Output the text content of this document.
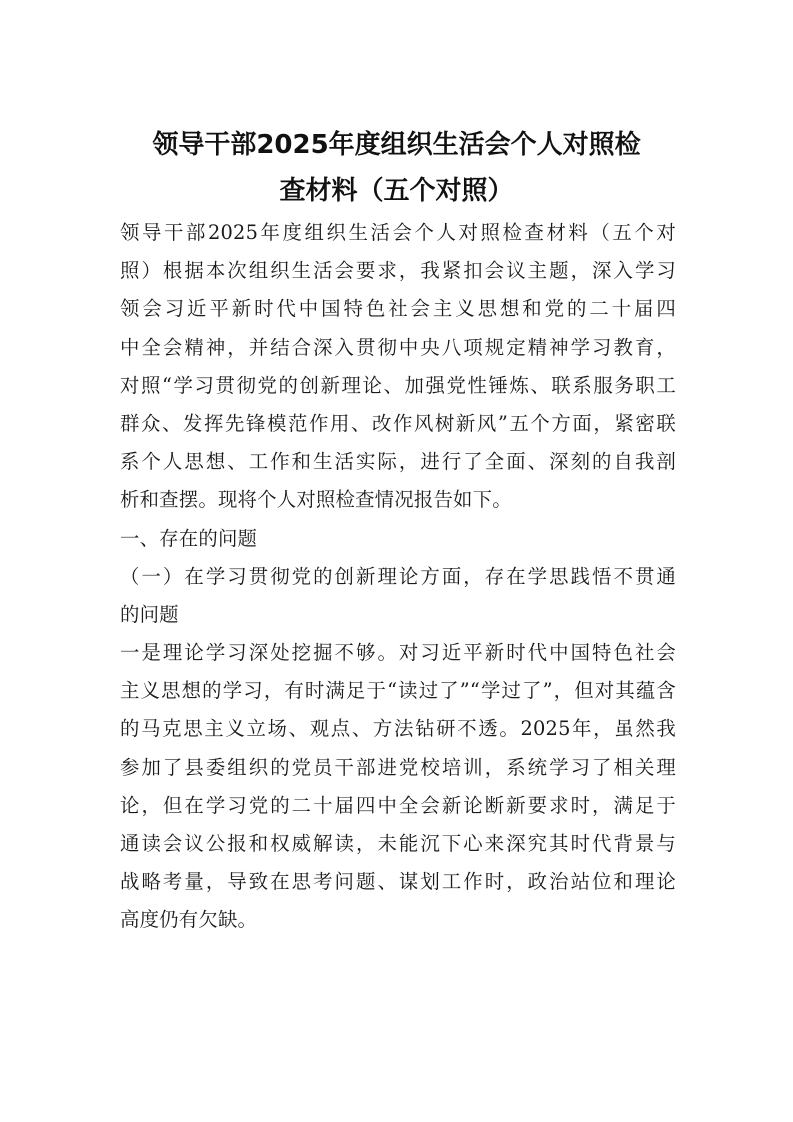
领导干部2025年度组织生活会个人对照检
查材料（五个对照）
领导干部2025年度组织生活会个人对照检查材料（五个对
照）根据本次组织生活会要求，我紧扣会议主题，深入学习
领会习近平新时代中国特色社会主义思想和党的二十届四
中全会精神，并结合深入贯彻中央八项规定精神学习教育，
对照“学习贯彻党的创新理论、加强党性锤炼、联系服务职工
群众、发挥先锋模范作用、改作风树新风”五个方面，紧密联
系个人思想、工作和生活实际，进行了全面、深刻的自我剖
析和查摆。现将个人对照检查情况报告如下。
一、存在的问题
（一）在学习贯彻党的创新理论方面，存在学思践悟不贯通
的问题
一是理论学习深处挖掘不够。对习近平新时代中国特色社会
主义思想的学习，有时满足于“读过了”“学过了”，但对其蕴含
的马克思主义立场、观点、方法钻研不透。2025年，虽然我
参加了县委组织的党员干部进党校培训，系统学习了相关理
论，但在学习党的二十届四中全会新论断新要求时，满足于
通读会议公报和权威解读，未能沉下心来深究其时代背景与
战略考量，导致在思考问题、谋划工作时，政治站位和理论
高度仍有欠缺。
